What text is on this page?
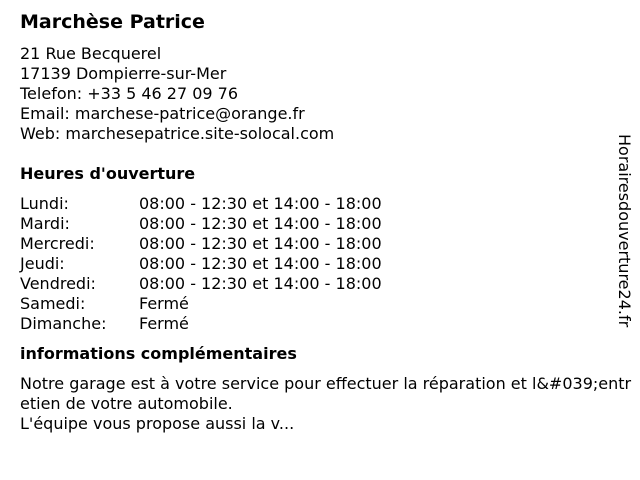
Marchèse Patrice
21 Rue Becquerel
17139 Dompierre-sur-Mer
Telefon: +33 5 46 27 09 76
Email: marchese-patrice@orange.fr
Web: marchesepatrice.site-solocal.com
Heures d'ouverture
Lundi:	08:00 - 12:30 et 14:00 - 18:00
Mardi:	08:00 - 12:30 et 14:00 - 18:00
Mercredi:	08:00 - 12:30 et 14:00 - 18:00
Jeudi:	08:00 - 12:30 et 14:00 - 18:00
Vendredi:	08:00 - 12:30 et 14:00 - 18:00
Samedi:	Fermé
Dimanche: Fermé
informations complémentaires
Notre garage est à votre service pour effectuer la réparation et l&#039;entretien de votre automobile.
L'équipe vous propose aussi la v...
Horairesdouverture24.fr
